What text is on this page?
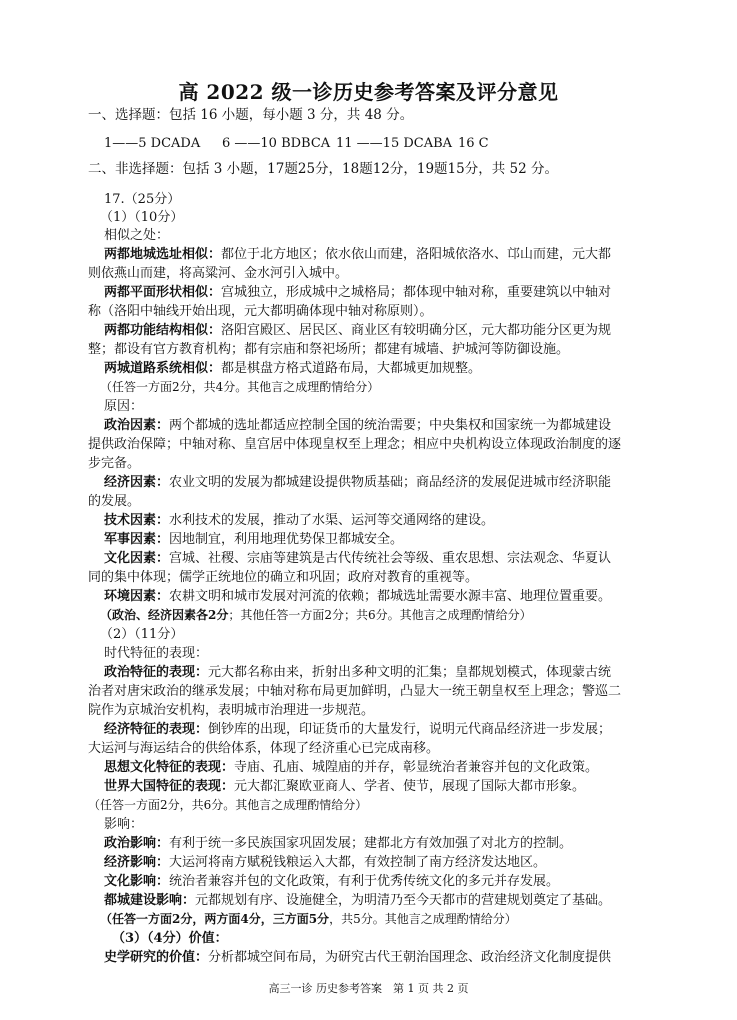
高 2022 级一诊历史参考答案及评分意见
一、选择题：包括 16 小题，每小题 3 分，共 48 分。
1——5 DCADA 6 ——10 BDBCA 11 ——15 DCABA 16 C
二、非选择题：包括 3 小题，17题25分，18题12分，19题15分，共 52 分。
17.（25分）
（1）（10分）
相似之处：
两都地城选址相似：都位于北方地区；依水依山而建，洛阳城依洛水、邙山而建，元大都
则依燕山而建，将高粱河、金水河引入城中。
两都平面形状相似：宫城独立，形成城中之城格局；都体现中轴对称，重要建筑以中轴对
称（洛阳中轴线开始出现，元大都明确体现中轴对称原则）。
两都功能结构相似：洛阳宫殿区、居民区、商业区有较明确分区，元大都功能分区更为规
整；都设有官方教育机构；都有宗庙和祭祀场所；都建有城墙、护城河等防御设施。
两城道路系统相似：都是棋盘方格式道路布局，大都城更加规整。
（任答一方面2分，共4分。其他言之成理酌情给分）
原因：
政治因素：两个都城的选址都适应控制全国的统治需要；中央集权和国家统一为都城建设
提供政治保障；中轴对称、皇宫居中体现皇权至上理念；相应中央机构设立体现政治制度的逐
步完备。
经济因素：农业文明的发展为都城建设提供物质基础；商品经济的发展促进城市经济职能
的发展。
技术因素：水利技术的发展，推动了水渠、运河等交通网络的建设。
军事因素：因地制宜，利用地理优势保卫都城安全。
文化因素：宫城、社稷、宗庙等建筑是古代传统社会等级、重农思想、宗法观念、华夏认
同的集中体现；儒学正统地位的确立和巩固；政府对教育的重视等。
环境因素：农耕文明和城市发展对河流的依赖；都城选址需要水源丰富、地理位置重要。
（政治、经济因素各2分；其他任答一方面2分；共6分。其他言之成理酌情给分）
（2）（11分）
时代特征的表现：
政治特征的表现：元大都名称由来，折射出多种文明的汇集；皇都规划模式，体现蒙古统
治者对唐宋政治的继承发展；中轴对称布局更加鲜明，凸显大一统王朝皇权至上理念；警巡二
院作为京城治安机构，表明城市治理进一步规范。
经济特征的表现：倒钞库的出现，印证货币的大量发行，说明元代商品经济进一步发展；
大运河与海运结合的供给体系，体现了经济重心已完成南移。
思想文化特征的表现：寺庙、孔庙、城隍庙的并存，彰显统治者兼容并包的文化政策。
世界大国特征的表现：元大都汇聚欧亚商人、学者、使节，展现了国际大都市形象。
（任答一方面2分，共6分。其他言之成理酌情给分）
影响：
政治影响：有利于统一多民族国家巩固发展；建都北方有效加强了对北方的控制。
经济影响：大运河将南方赋税钱粮运入大都，有效控制了南方经济发达地区。
文化影响：统治者兼容并包的文化政策，有利于优秀传统文化的多元并存发展。
都城建设影响：元都规划有序、设施健全，为明清乃至今天都市的营建规划奠定了基础。
（任答一方面2分，两方面4分，三方面5分，共5分。其他言之成理酌情给分）
（3）（4分）价值：
史学研究的价值：分析都城空间布局，为研究古代王朝治国理念、政治经济文化制度提供
高三一诊 历史参考答案　第 1 页 共 2 页
